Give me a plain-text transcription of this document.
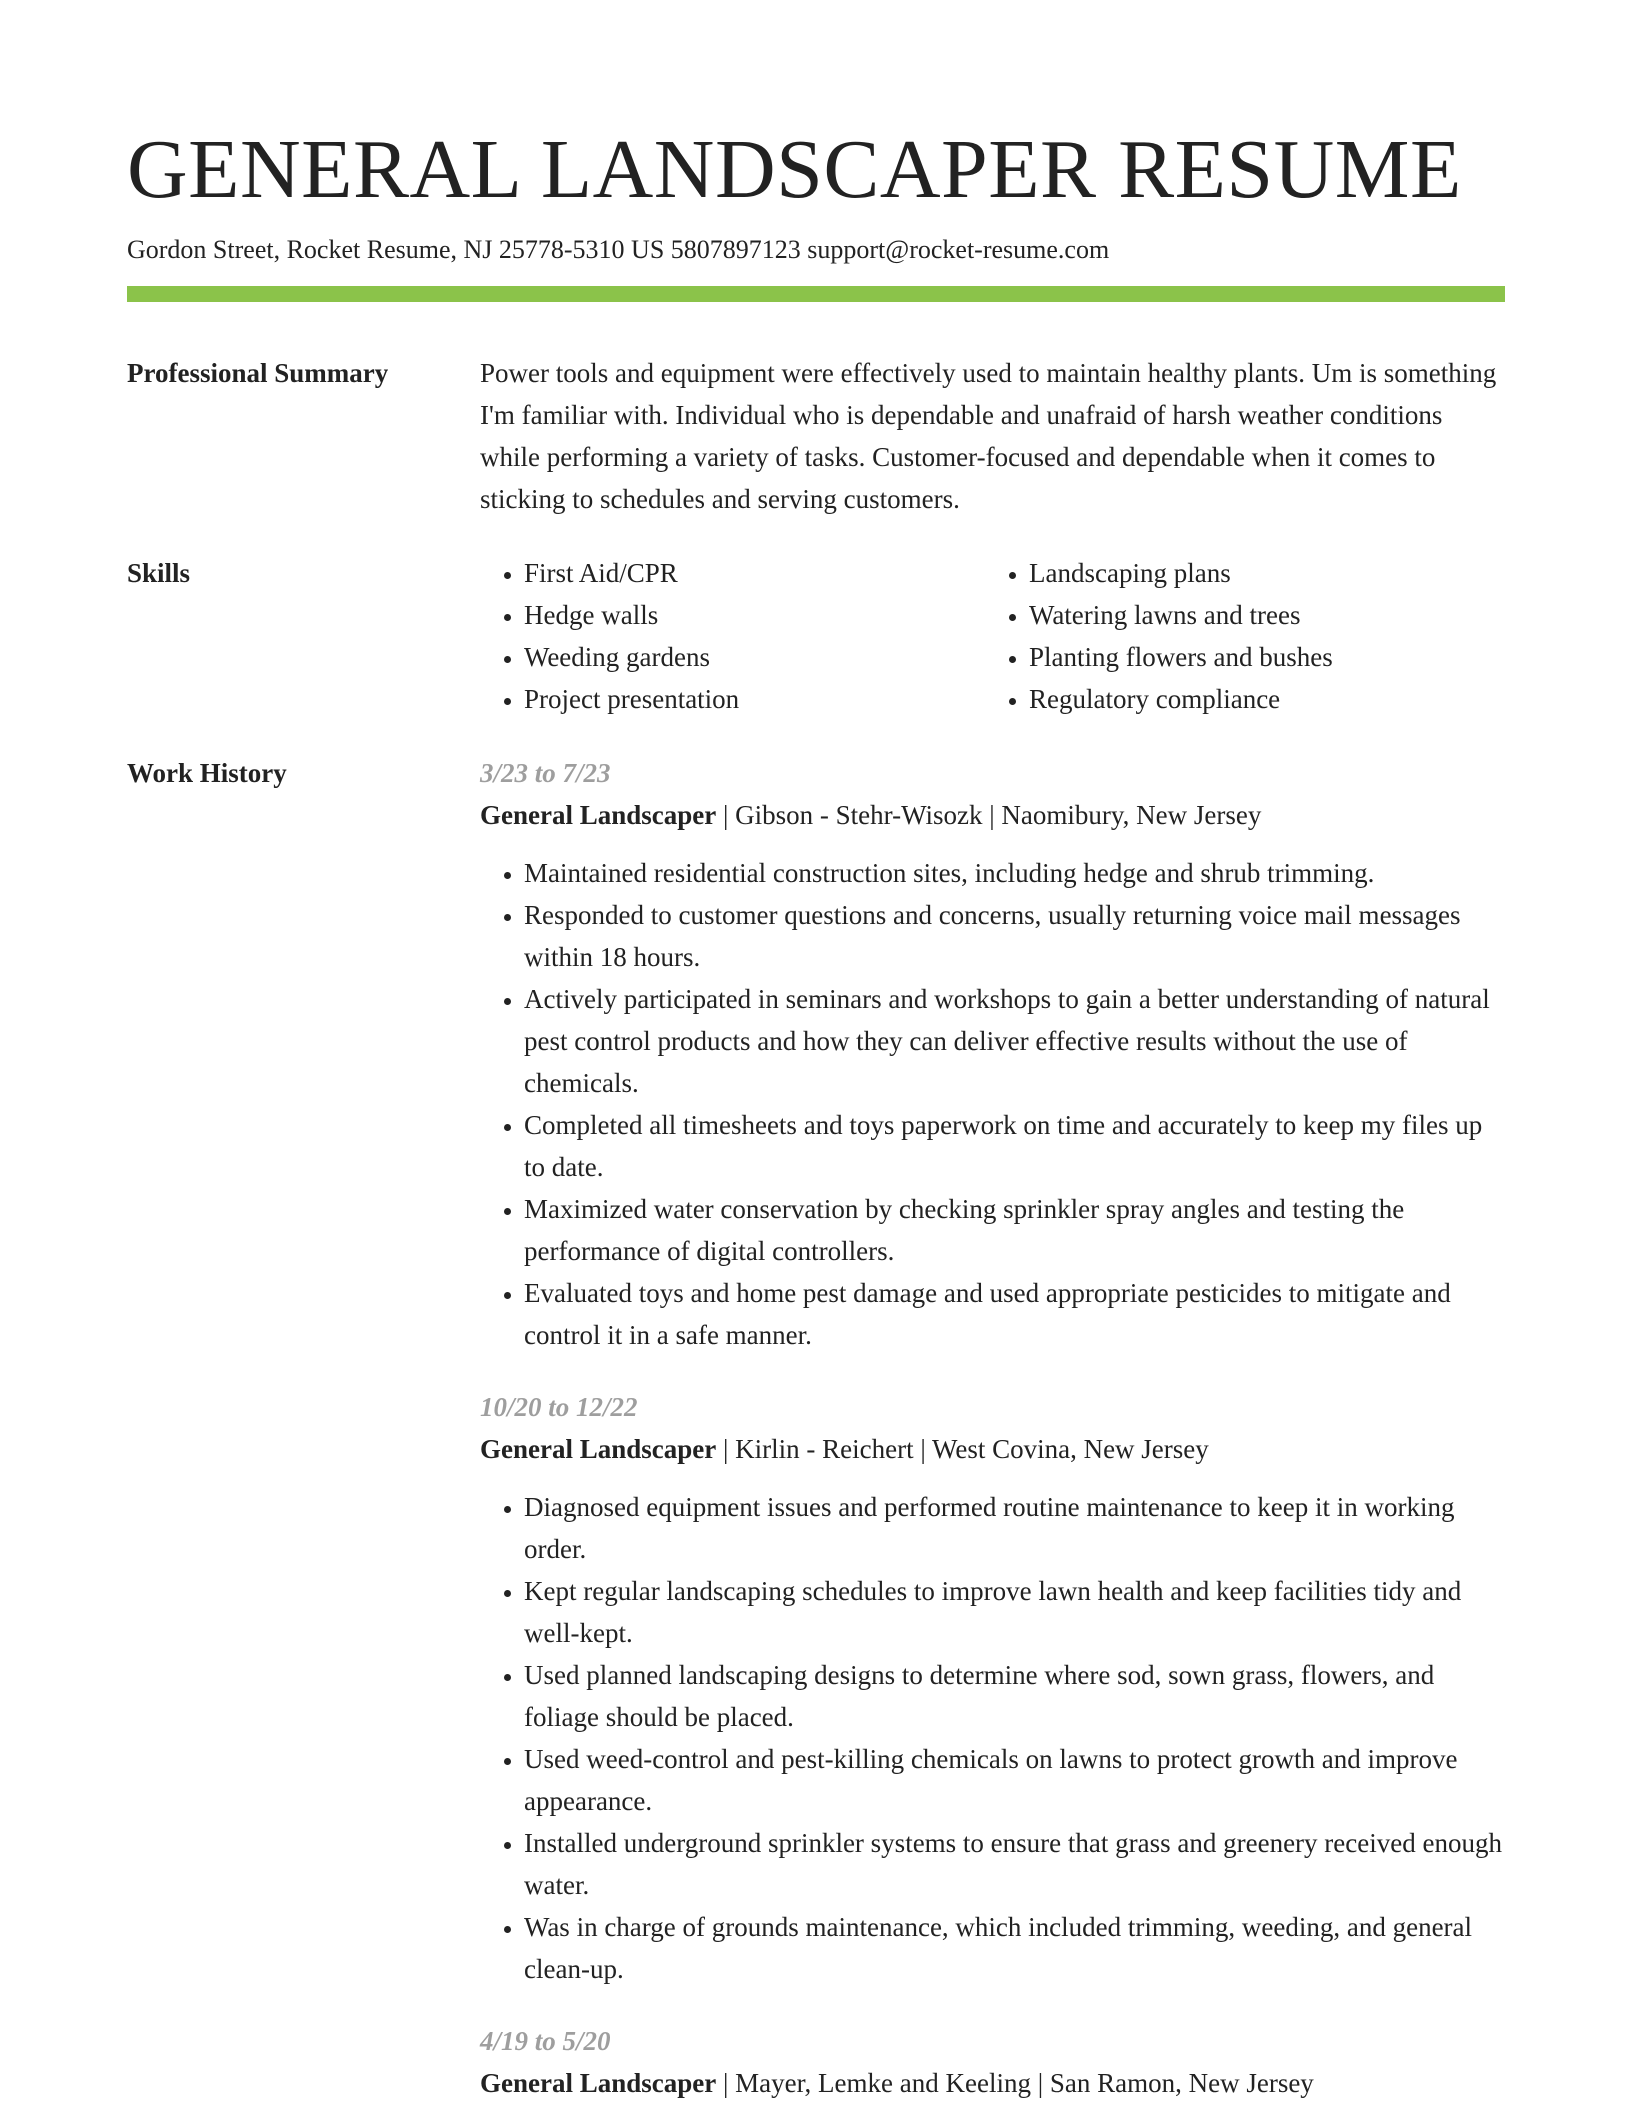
GENERAL LANDSCAPER RESUME
Gordon Street, Rocket Resume, NJ 25778-5310 US 5807897123 support@rocket-resume.com
Professional Summary	Power tools and equipment were effectively used to maintain healthy plants. Um is something I'm familiar with. Individual who is dependable and unafraid of harsh weather conditions while performing a variety of tasks. Customer-focused and dependable when it comes to sticking to schedules and serving customers.
Skills
•	First Aid/CPR
• Hedge walls
• Weeding gardens
• Project presentation
• Landscaping plans
• Watering lawns and trees
• Planting flowers and bushes
• Regulatory compliance
Work History	3/23 to 7/23
General Landscaper | Gibson - Stehr-Wisozk | Naomibury, New Jersey
• Maintained residential construction sites, including hedge and shrub trimming.
• Responded to customer questions and concerns, usually returning voice mail messages within 18 hours.
• Actively participated in seminars and workshops to gain a better understanding of natural pest control products and how they can deliver effective results without the use of chemicals.
• Completed all timesheets and toys paperwork on time and accurately to keep my files up to date.
• Maximized water conservation by checking sprinkler spray angles and testing the performance of digital controllers.
• Evaluated toys and home pest damage and used appropriate pesticides to mitigate and control it in a safe manner.
10/20 to 12/22
General Landscaper | Kirlin - Reichert | West Covina, New Jersey
• Diagnosed equipment issues and performed routine maintenance to keep it in working order.
• Kept regular landscaping schedules to improve lawn health and keep facilities tidy and well-kept.
• Used planned landscaping designs to determine where sod, sown grass, flowers, and foliage should be placed.
• Used weed-control and pest-killing chemicals on lawns to protect growth and improve appearance.
• Installed underground sprinkler systems to ensure that grass and greenery received enough water.
• Was in charge of grounds maintenance, which included trimming, weeding, and general clean-up.
4/19 to 5/20
General Landscaper | Mayer, Lemke and Keeling | San Ramon, New Jersey
